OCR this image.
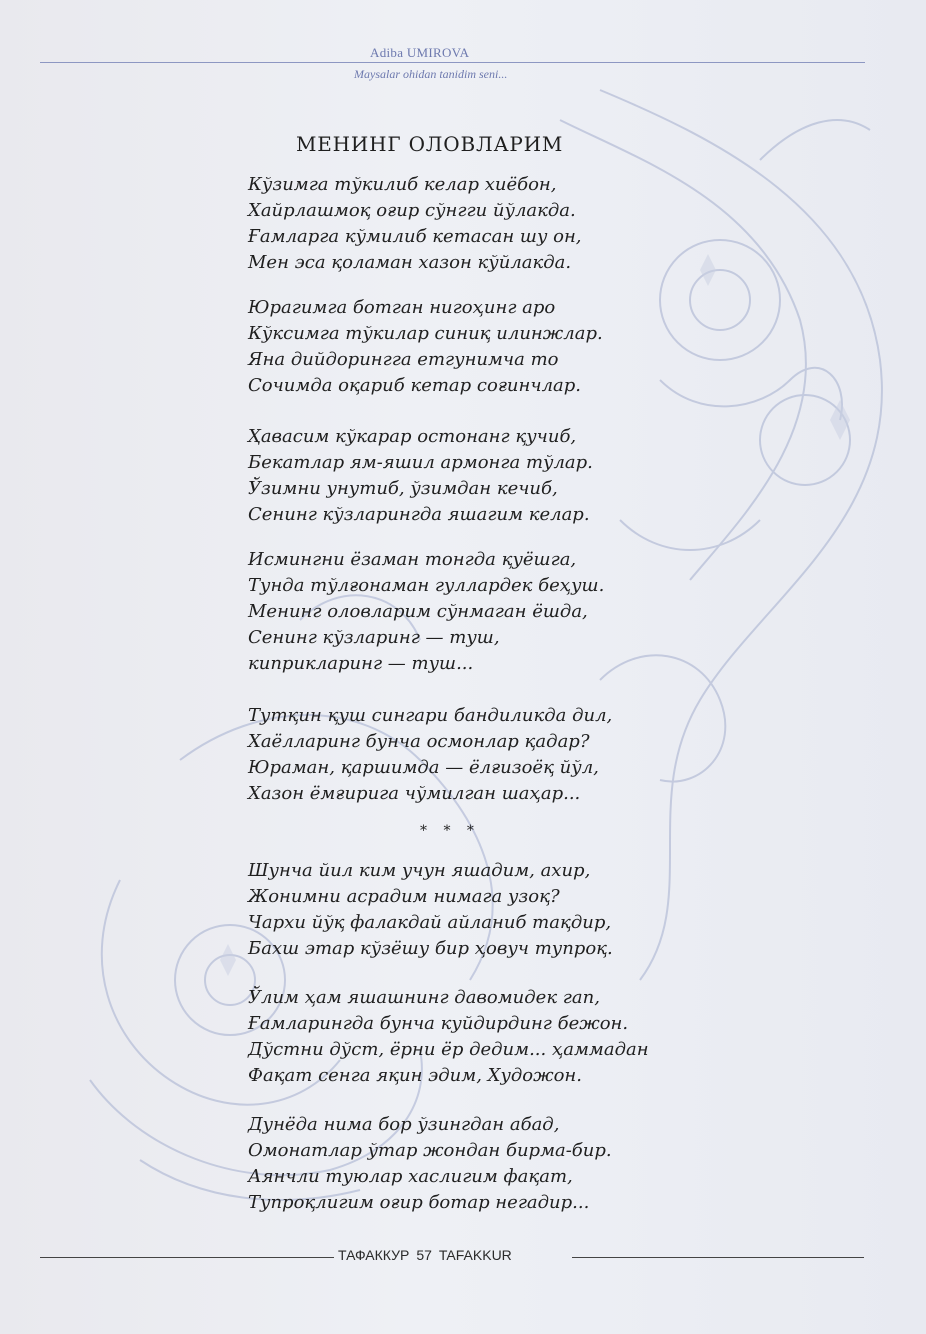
Adiba UMIROVA
Maysalar ohidan tanidim seni...
МЕНИНГ ОЛОВЛАРИМ
Кўзимга тўкилиб келар хиёбон,
Хайрлашмоқ оғир сўнгги йўлакда.
Ғамларга кўмилиб кетасан шу он,
Мен эса қоламан хазон кўйлакда.
Юрагимга ботган нигоҳинг аро
Кўксимга тўкилар синиқ илинжлар.
Яна дийдорингга етгунимча то
Сочимда оқариб кетар соғинчлар.
Ҳавасим кўкарар остонанг қучиб,
Бекатлар ям-яшил армонга тўлар.
Ўзимни унутиб, ўзимдан кечиб,
Сенинг кўзларингда яшагим келар.
Исмингни ёзаман тонгда қуёшга,
Тунда тўлғонаман гуллардек беҳуш.
Менинг оловларим сўнмаган ёшда,
Сенинг кўзларинг — туш,
киприкларинг — туш...
Тутқин қуш сингари бандиликда дил,
Хаёлларинг бунча осмонлар қадар?
Юраман, қаршимда — ёлғизоёқ йўл,
Хазон ёмғирига чўмилган шаҳар...
* * *
Шунча йил ким учун яшадим, ахир,
Жонимни асрадим нимага узоқ?
Чархи йўқ фалакдай айланиб тақдир,
Бахш этар кўзёшу бир ҳовуч тупроқ.
Ўлим ҳам яшашнинг давомидек гап,
Ғамларингда бунча куйдирдинг бежон.
Дўстни дўст, ёрни ёр дедим... ҳаммадан
Фақат сенга яқин эдим, Художон.
Дунёда нима бор ўзингдан абад,
Омонатлар ўтар жондан бирма-бир.
Аянчли туюлар хаслигим фақат,
Тупроқлигим оғир ботар негадир...
ТАФАККУР 57 TAFAKKUR
